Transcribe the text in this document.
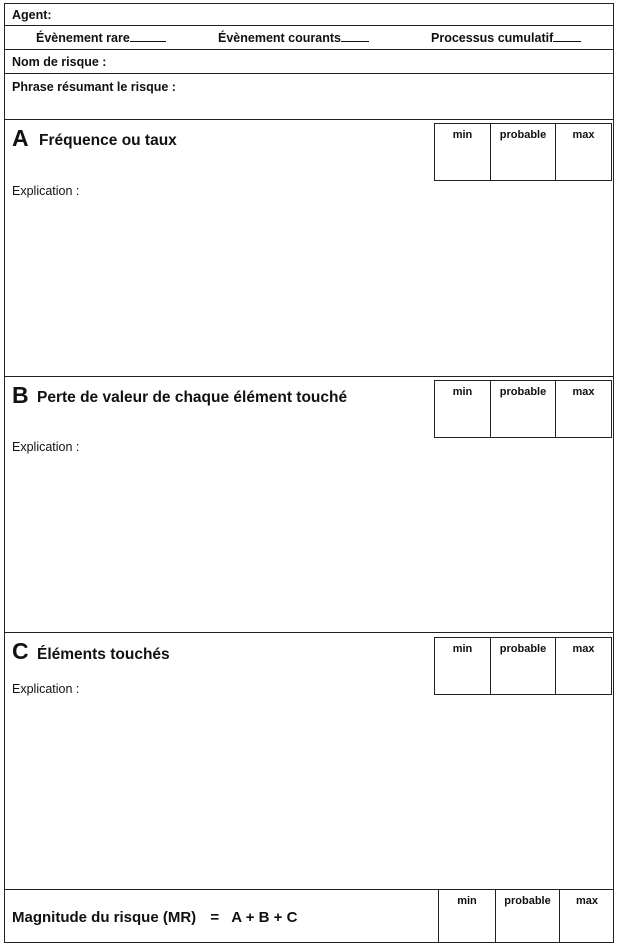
Agent:
Évènement rare	Évènement courants	Processus cumulatif
Nom de risque :
Phrase résumant le risque :
A Fréquence ou taux	min	probable	max
Explication :
B Perte de valeur de chaque élément touché	min	probable	max
Explication :
C Éléments touchés	min	probable	max
Explication :
Magnitude du risque (MR) = A + B + C
min	probable	max
